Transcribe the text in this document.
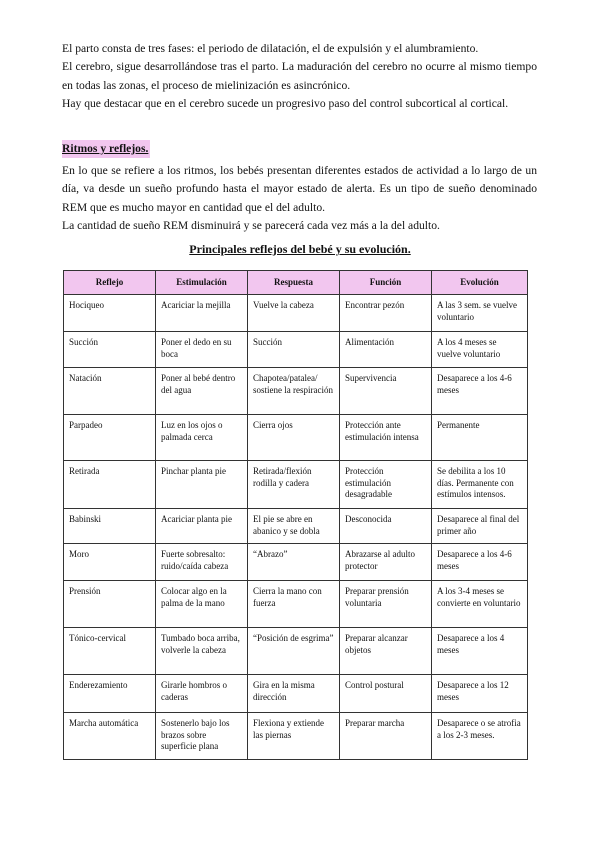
El parto consta de tres fases: el periodo de dilatación, el de expulsión y el alumbramiento.
El cerebro, sigue desarrollándose tras el parto. La maduración del cerebro no ocurre al mismo tiempo en todas las zonas, el proceso de mielinización es asincrónico.
Hay que destacar que en el cerebro sucede un progresivo paso del control subcortical al cortical.
Ritmos y reflejos.
En lo que se refiere a los ritmos, los bebés presentan diferentes estados de actividad a lo largo de un día, va desde un sueño profundo hasta el mayor estado de alerta. Es un tipo de sueño denominado REM que es mucho mayor en cantidad que el del adulto.
La cantidad de sueño REM disminuirá y se parecerá cada vez más a la del adulto.
Principales reflejos del bebé y su evolución.
Reflejo	Estimulación	Respuesta	Función	Evolución
Hociqueo	Acariciar la mejilla	Vuelve la cabeza	Encontrar pezón	A las 3 sem. se vuelve voluntario
Succión	Poner el dedo en su boca	Succión	Alimentación	A los 4 meses se vuelve voluntario
Natación	Poner al bebé dentro del agua	Chapotea/patalea/ sostiene la respiración	Supervivencia	Desaparece a los 4-6 meses
Parpadeo	Luz en los ojos o palmada cerca	Cierra ojos	Protección ante estimulación intensa	Permanente
Retirada	Pinchar planta pie	Retirada/flexión rodilla y cadera	Protección estimulación desagradable	Se debilita a los 10 días. Permanente con estímulos intensos.
Babinski	Acariciar planta pie	El pie se abre en abanico y se dobla	Desconocida	Desaparece al final del primer año
Moro	Fuerte sobresalto: ruido/caída cabeza	“Abrazo”	Abrazarse al adulto protector	Desaparece a los 4-6 meses
Prensión	Colocar algo en la palma de la mano	Cierra la mano con fuerza	Preparar prensión voluntaria	A los 3-4 meses se convierte en voluntario
Tónico-cervical	Tumbado boca arriba, volverle la cabeza	“Posición de esgrima”	Preparar alcanzar objetos	Desaparece a los 4 meses
Enderezamiento	Girarle hombros o caderas	Gira en la misma dirección	Control postural	Desaparece a los 12 meses
Marcha automática	Sostenerlo bajo los brazos sobre superficie plana	Flexiona y extiende las piernas	Preparar marcha	Desaparece o se atrofia a los 2-3 meses.
